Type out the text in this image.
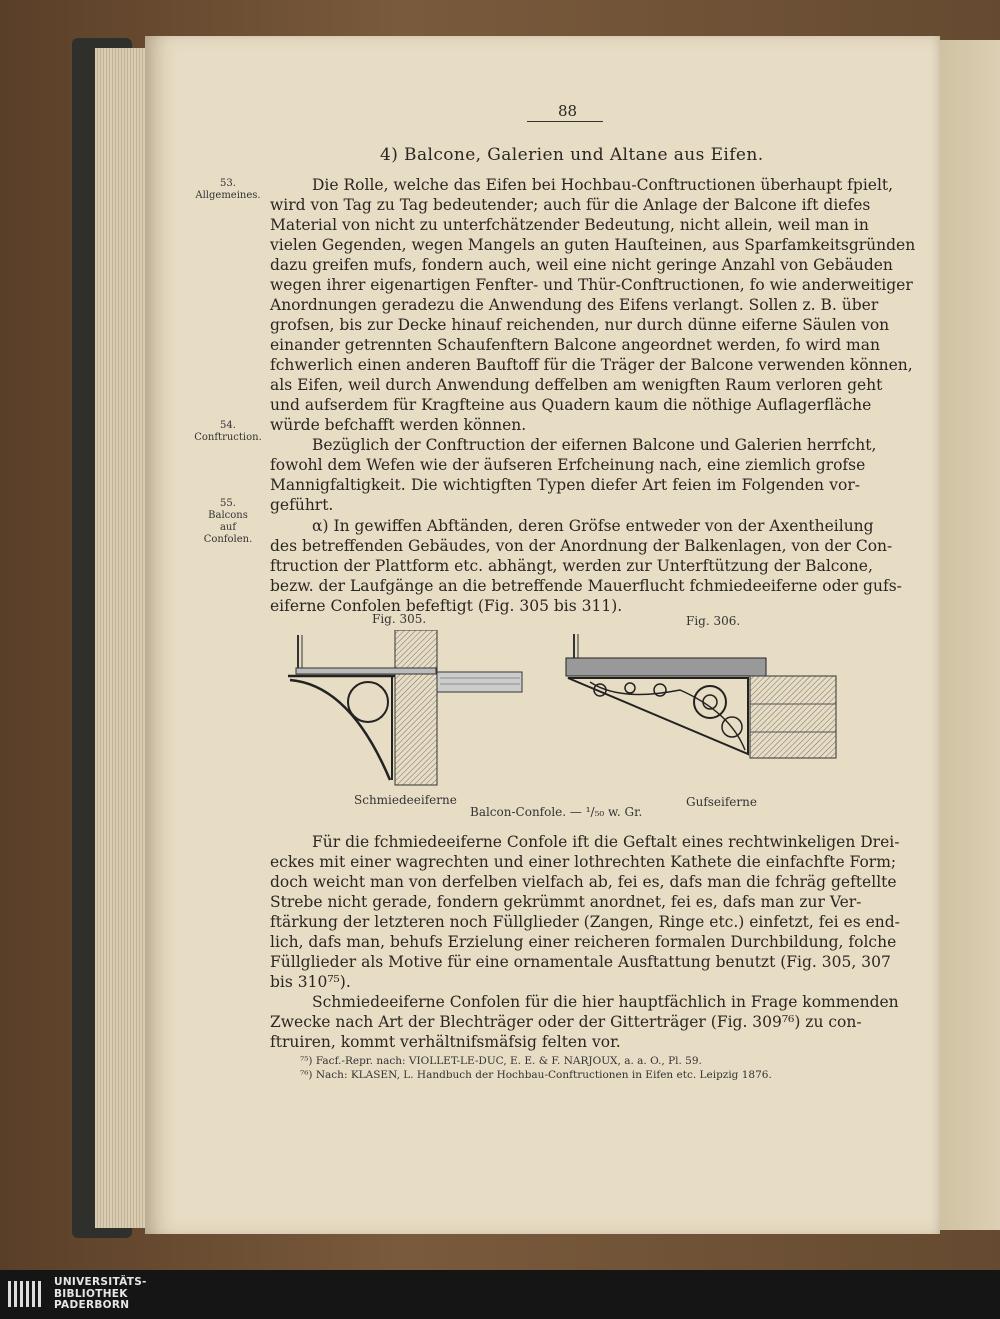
88
4) Balcone, Galerien und Altane aus Eifen.
53.
Allgemeines.
54.
Conftruction.
55.
Balcons
auf
Confolen.
Die Rolle, welche das Eifen bei Hochbau-Conftructionen überhaupt fpielt,
wird von Tag zu Tag bedeutender; auch für die Anlage der Balcone ift diefes
Material von nicht zu unterfchätzender Bedeutung, nicht allein, weil man in
vielen Gegenden, wegen Mangels an guten Hauſteinen, aus Sparfamkeitsgründen
dazu greifen mufs, fondern auch, weil eine nicht geringe Anzahl von Gebäuden
wegen ihrer eigenartigen Fenfter- und Thür-Conftructionen, fo wie anderweitiger
Anordnungen geradezu die Anwendung des Eifens verlangt. Sollen z. B. über
grofsen, bis zur Decke hinauf reichenden, nur durch dünne eiferne Säulen von
einander getrennten Schaufenftern Balcone angeordnet werden, fo wird man
fchwerlich einen anderen Bauftoff für die Träger der Balcone verwenden können,
als Eifen, weil durch Anwendung deffelben am wenigften Raum verloren geht
und aufserdem für Kragfteine aus Quadern kaum die nöthige Auflagerfläche
würde befchafft werden können.
Bezüglich der Conftruction der eifernen Balcone und Galerien herrfcht,
fowohl dem Wefen wie der äufseren Erfcheinung nach, eine ziemlich grofse
Mannigfaltigkeit. Die wichtigften Typen diefer Art feien im Folgenden vor-
geführt.
α) In gewiffen Abftänden, deren Gröfse entweder von der Axentheilung
des betreffenden Gebäudes, von der Anordnung der Balkenlagen, von der Con-
ftruction der Plattform etc. abhängt, werden zur Unterftützung der Balcone,
bezw. der Laufgänge an die betreffende Mauerflucht fchmiedeeiferne oder gufs-
eiferne Confolen befeftigt (Fig. 305 bis 311).
Fig. 305.	Fig. 306.
Schmiedeeiferne	Gufseiferne
Balcon-Confole. — ¹/₅₀ w. Gr.
Für die fchmiedeeiferne Confole ift die Geftalt eines rechtwinkeligen Drei-
eckes mit einer wagrechten und einer lothrechten Kathete die einfachfte Form;
doch weicht man von derfelben vielfach ab, fei es, dafs man die fchräg geftellte
Strebe nicht gerade, fondern gekrümmt anordnet, fei es, dafs man zur Ver-
ftärkung der letzteren noch Füllglieder (Zangen, Ringe etc.) einfetzt, fei es end-
lich, dafs man, behufs Erzielung einer reicheren formalen Durchbildung, folche
Füllglieder als Motive für eine ornamentale Ausftattung benutzt (Fig. 305, 307
bis 310⁷⁵).
Schmiedeeiferne Confolen für die hier hauptfächlich in Frage kommenden
Zwecke nach Art der Blechträger oder der Gitterträger (Fig. 309⁷⁶) zu con-
ftruiren, kommt verhältnifsmäfsig felten vor.
⁷⁵) Facf.-Repr. nach: VIOLLET-LE-DUC, E. E. & F. NARJOUX, a. a. O., Pl. 59.
⁷⁶) Nach: KLASEN, L. Handbuch der Hochbau-Conftructionen in Eifen etc. Leipzig 1876.
UNIVERSITÄTS-
BIBLIOTHEK
PADERBORN
